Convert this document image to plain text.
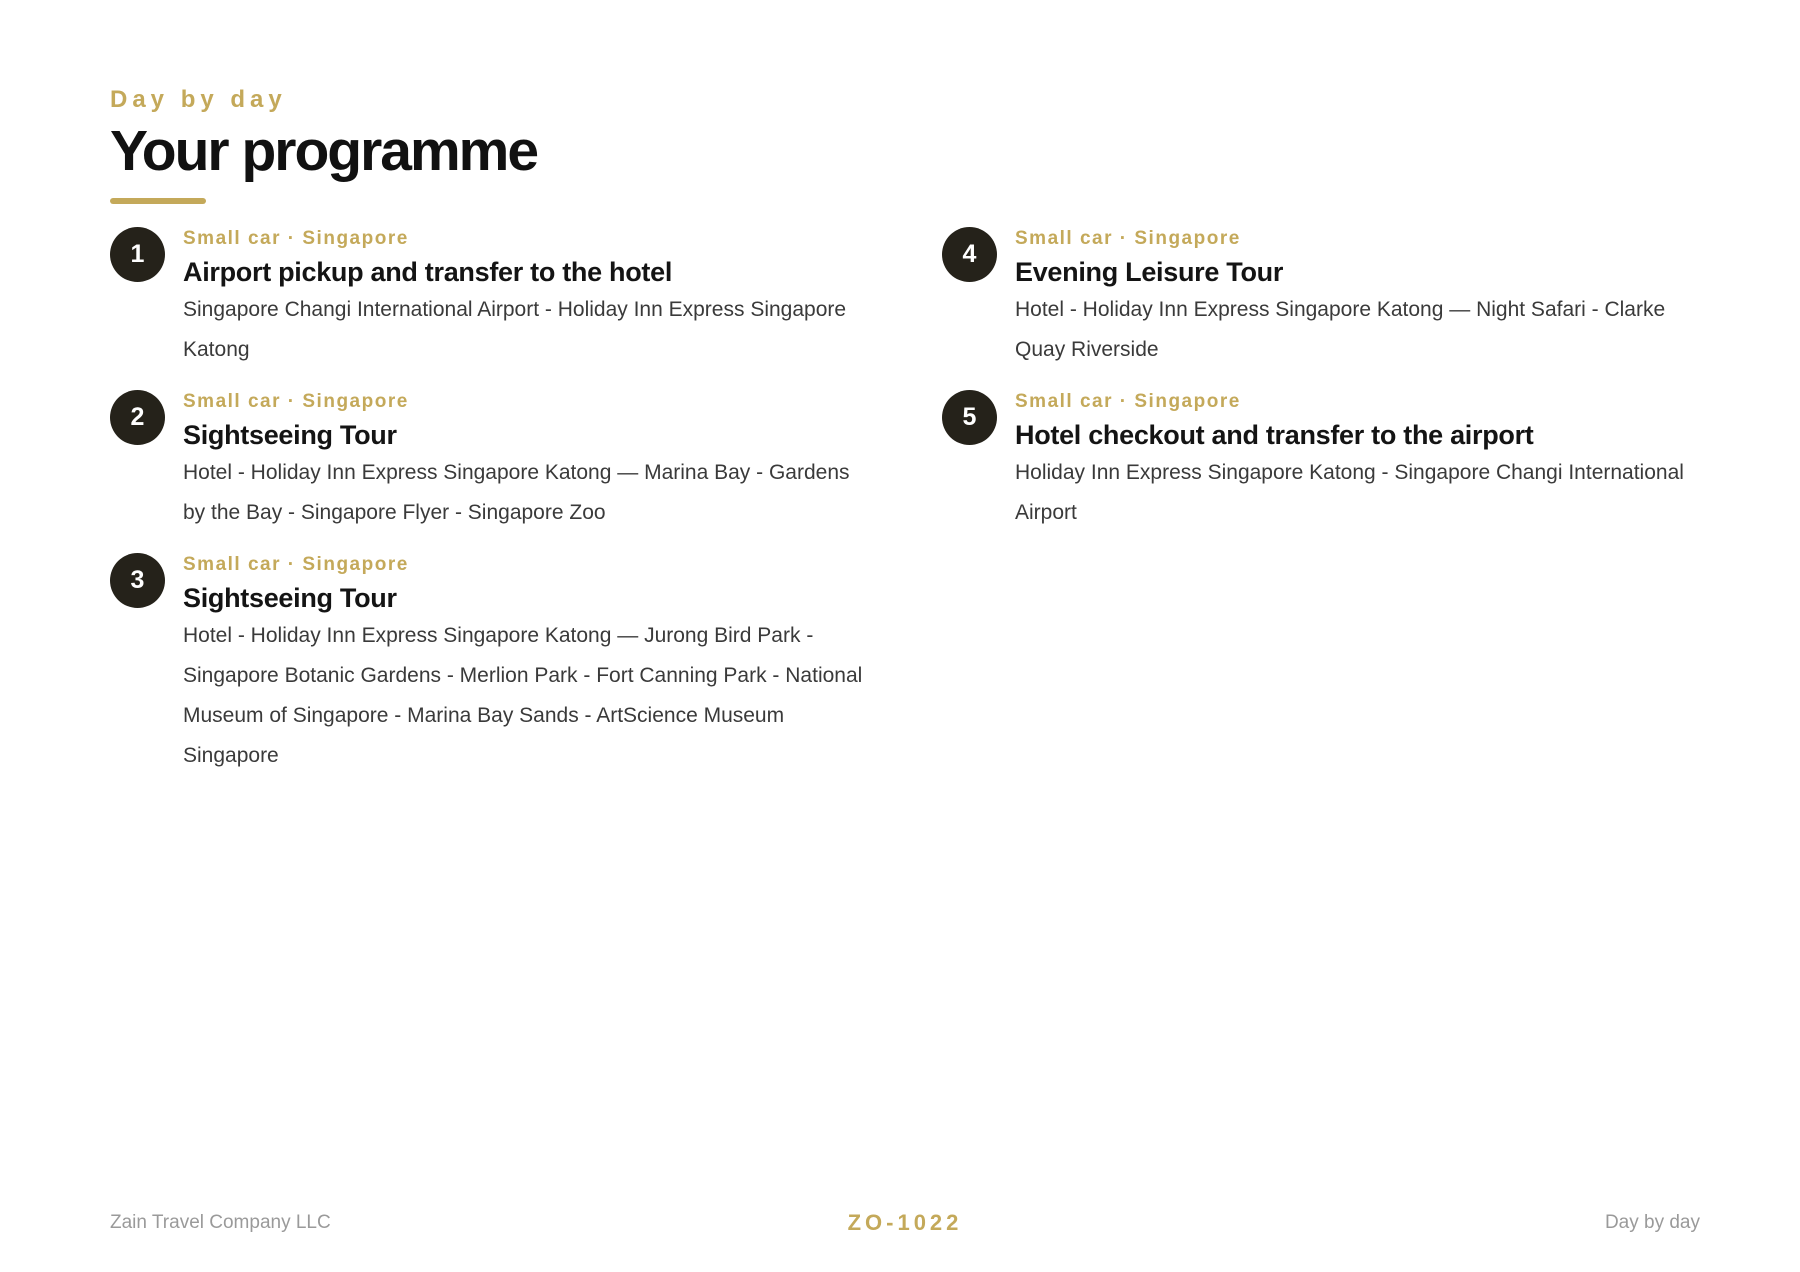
Day by day
Your programme
1
Small car · Singapore
Airport pickup and transfer to the hotel

Singapore Changi International Airport - Holiday Inn Express Singapore Katong

2
Small car · Singapore
Sightseeing Tour

Hotel - Holiday Inn Express Singapore Katong — Marina Bay - Gardens by the Bay - Singapore Flyer - Singapore Zoo

3
Small car · Singapore
Sightseeing Tour

Hotel - Holiday Inn Express Singapore Katong — Jurong Bird Park - Singapore Botanic Gardens - Merlion Park - Fort Canning Park - National Museum of Singapore - Marina Bay Sands - ArtScience Museum Singapore

4
Small car · Singapore
Evening Leisure Tour

Hotel - Holiday Inn Express Singapore Katong — Night Safari - Clarke Quay Riverside

5
Small car · Singapore
Hotel checkout and transfer to the airport

Holiday Inn Express Singapore Katong - Singapore Changi International Airport

Zain Travel Company LLC	ZO-1022	Day by day
